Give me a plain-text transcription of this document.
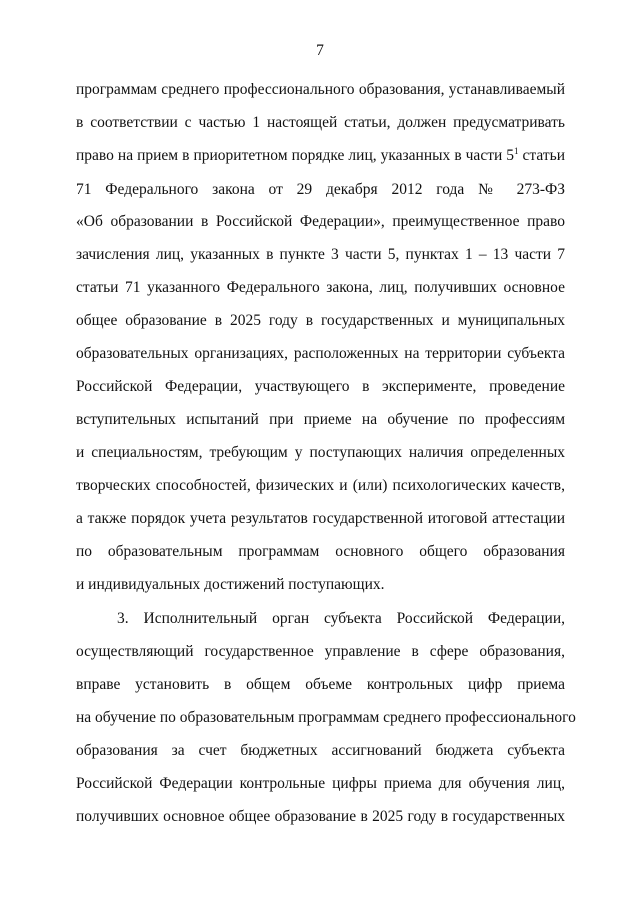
7
программам среднего профессионального образования, устанавливаемый
в соответствии с частью 1 настоящей статьи, должен предусматривать
право на прием в приоритетном порядке лиц, указанных в части $5^1$ статьи
71 Федерального закона от 29 декабря 2012 года № 273-ФЗ
«Об образовании в Российской Федерации», преимущественное право
зачисления лиц, указанных в пункте 3 части 5, пунктах 1 – 13 части 7
статьи 71 указанного Федерального закона, лиц, получивших основное
общее образование в 2025 году в государственных и муниципальных
образовательных организациях, расположенных на территории субъекта
Российской Федерации, участвующего в эксперименте, проведение
вступительных испытаний при приеме на обучение по профессиям
и специальностям, требующим у поступающих наличия определенных
творческих способностей, физических и (или) психологических качеств,
а также порядок учета результатов государственной итоговой аттестации
по образовательным программам основного общего образования
и индивидуальных достижений поступающих.
3. Исполнительный орган субъекта Российской Федерации,
осуществляющий государственное управление в сфере образования,
вправе установить в общем объеме контрольных цифр приема
на обучение по образовательным программам среднего профессионального
образования за счет бюджетных ассигнований бюджета субъекта
Российской Федерации контрольные цифры приема для обучения лиц,
получивших основное общее образование в 2025 году в государственных
